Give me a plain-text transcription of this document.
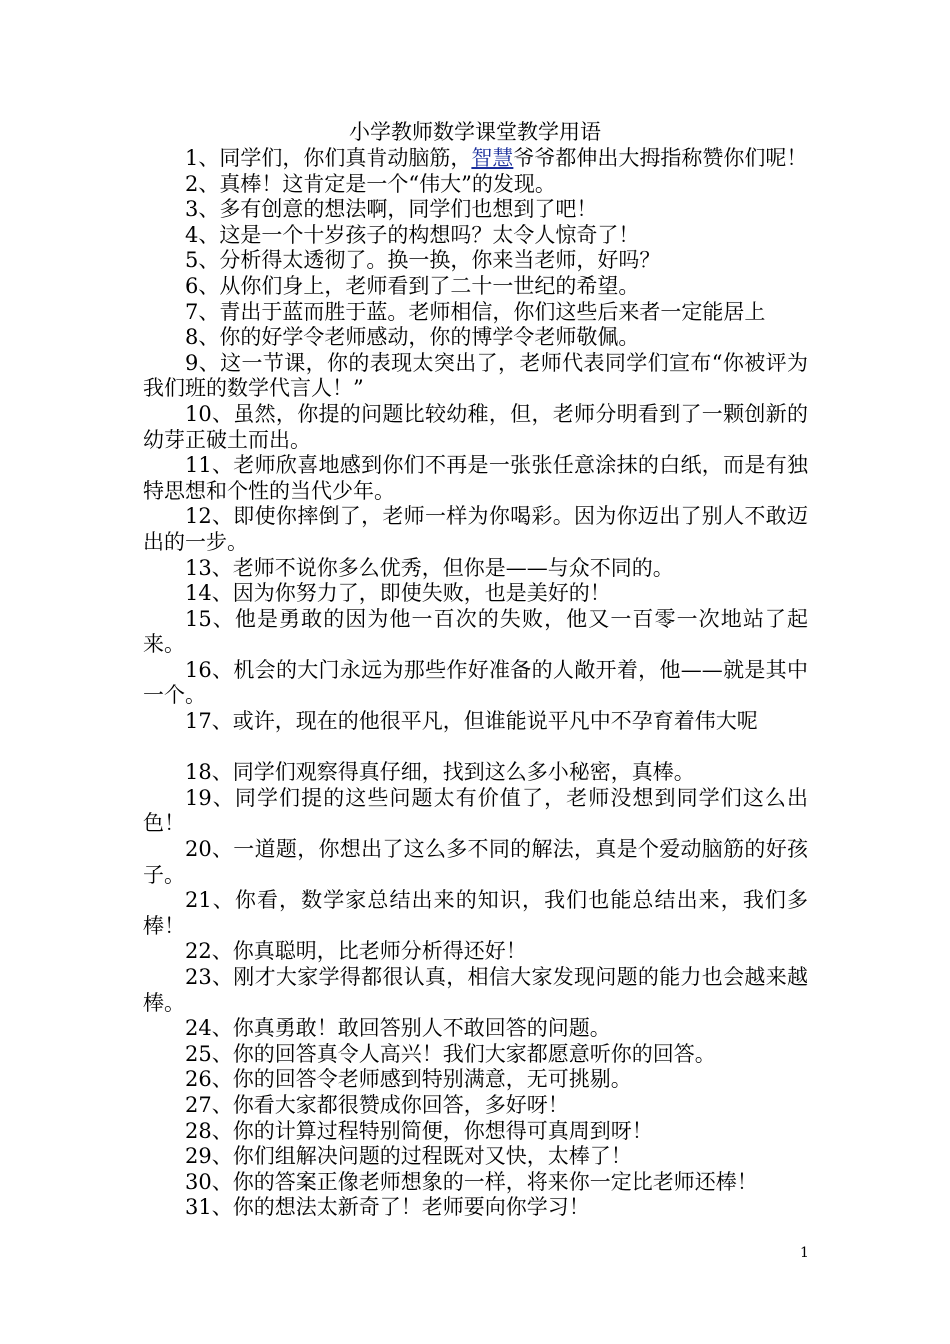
小学教师数学课堂教学用语

1、同学们，你们真肯动脑筋，智慧爷爷都伸出大拇指称赞你们呢！

2、真棒！这肯定是一个“伟大”的发现。

3、多有创意的想法啊，同学们也想到了吧！

4、这是一个十岁孩子的构想吗？太令人惊奇了！

5、分析得太透彻了。换一换，你来当老师，好吗？

6、从你们身上，老师看到了二十一世纪的希望。

7、青出于蓝而胜于蓝。老师相信，你们这些后来者一定能居上

8、你的好学令老师感动，你的博学令老师敬佩。

9、这一节课，你的表现太突出了，老师代表同学们宣布“你被评为我们班的数学代言人！”

10、虽然，你提的问题比较幼稚，但，老师分明看到了一颗创新的幼芽正破土而出。

11、老师欣喜地感到你们不再是一张张任意涂抹的白纸，而是有独特思想和个性的当代少年。

12、即使你摔倒了，老师一样为你喝彩。因为你迈出了别人不敢迈出的一步。

13、老师不说你多么优秀，但你是——与众不同的。

14、因为你努力了，即使失败，也是美好的！

15、他是勇敢的因为他一百次的失败，他又一百零一次地站了起来。

16、机会的大门永远为那些作好准备的人敞开着，他——就是其中一个。

17、或许，现在的他很平凡，但谁能说平凡中不孕育着伟大呢

18、同学们观察得真仔细，找到这么多小秘密，真棒。

19、同学们提的这些问题太有价值了，老师没想到同学们这么出色！

20、一道题，你想出了这么多不同的解法，真是个爱动脑筋的好孩子。

21、你看，数学家总结出来的知识，我们也能总结出来，我们多棒！

22、你真聪明，比老师分析得还好！

23、刚才大家学得都很认真，相信大家发现问题的能力也会越来越棒。

24、你真勇敢！敢回答别人不敢回答的问题。

25、你的回答真令人高兴！我们大家都愿意听你的回答。

26、你的回答令老师感到特别满意，无可挑剔。

27、你看大家都很赞成你回答，多好呀！

28、你的计算过程特别简便，你想得可真周到呀！

29、你们组解决问题的过程既对又快，太棒了！

30、你的答案正像老师想象的一样，将来你一定比老师还棒！

31、你的想法太新奇了！老师要向你学习！

1
